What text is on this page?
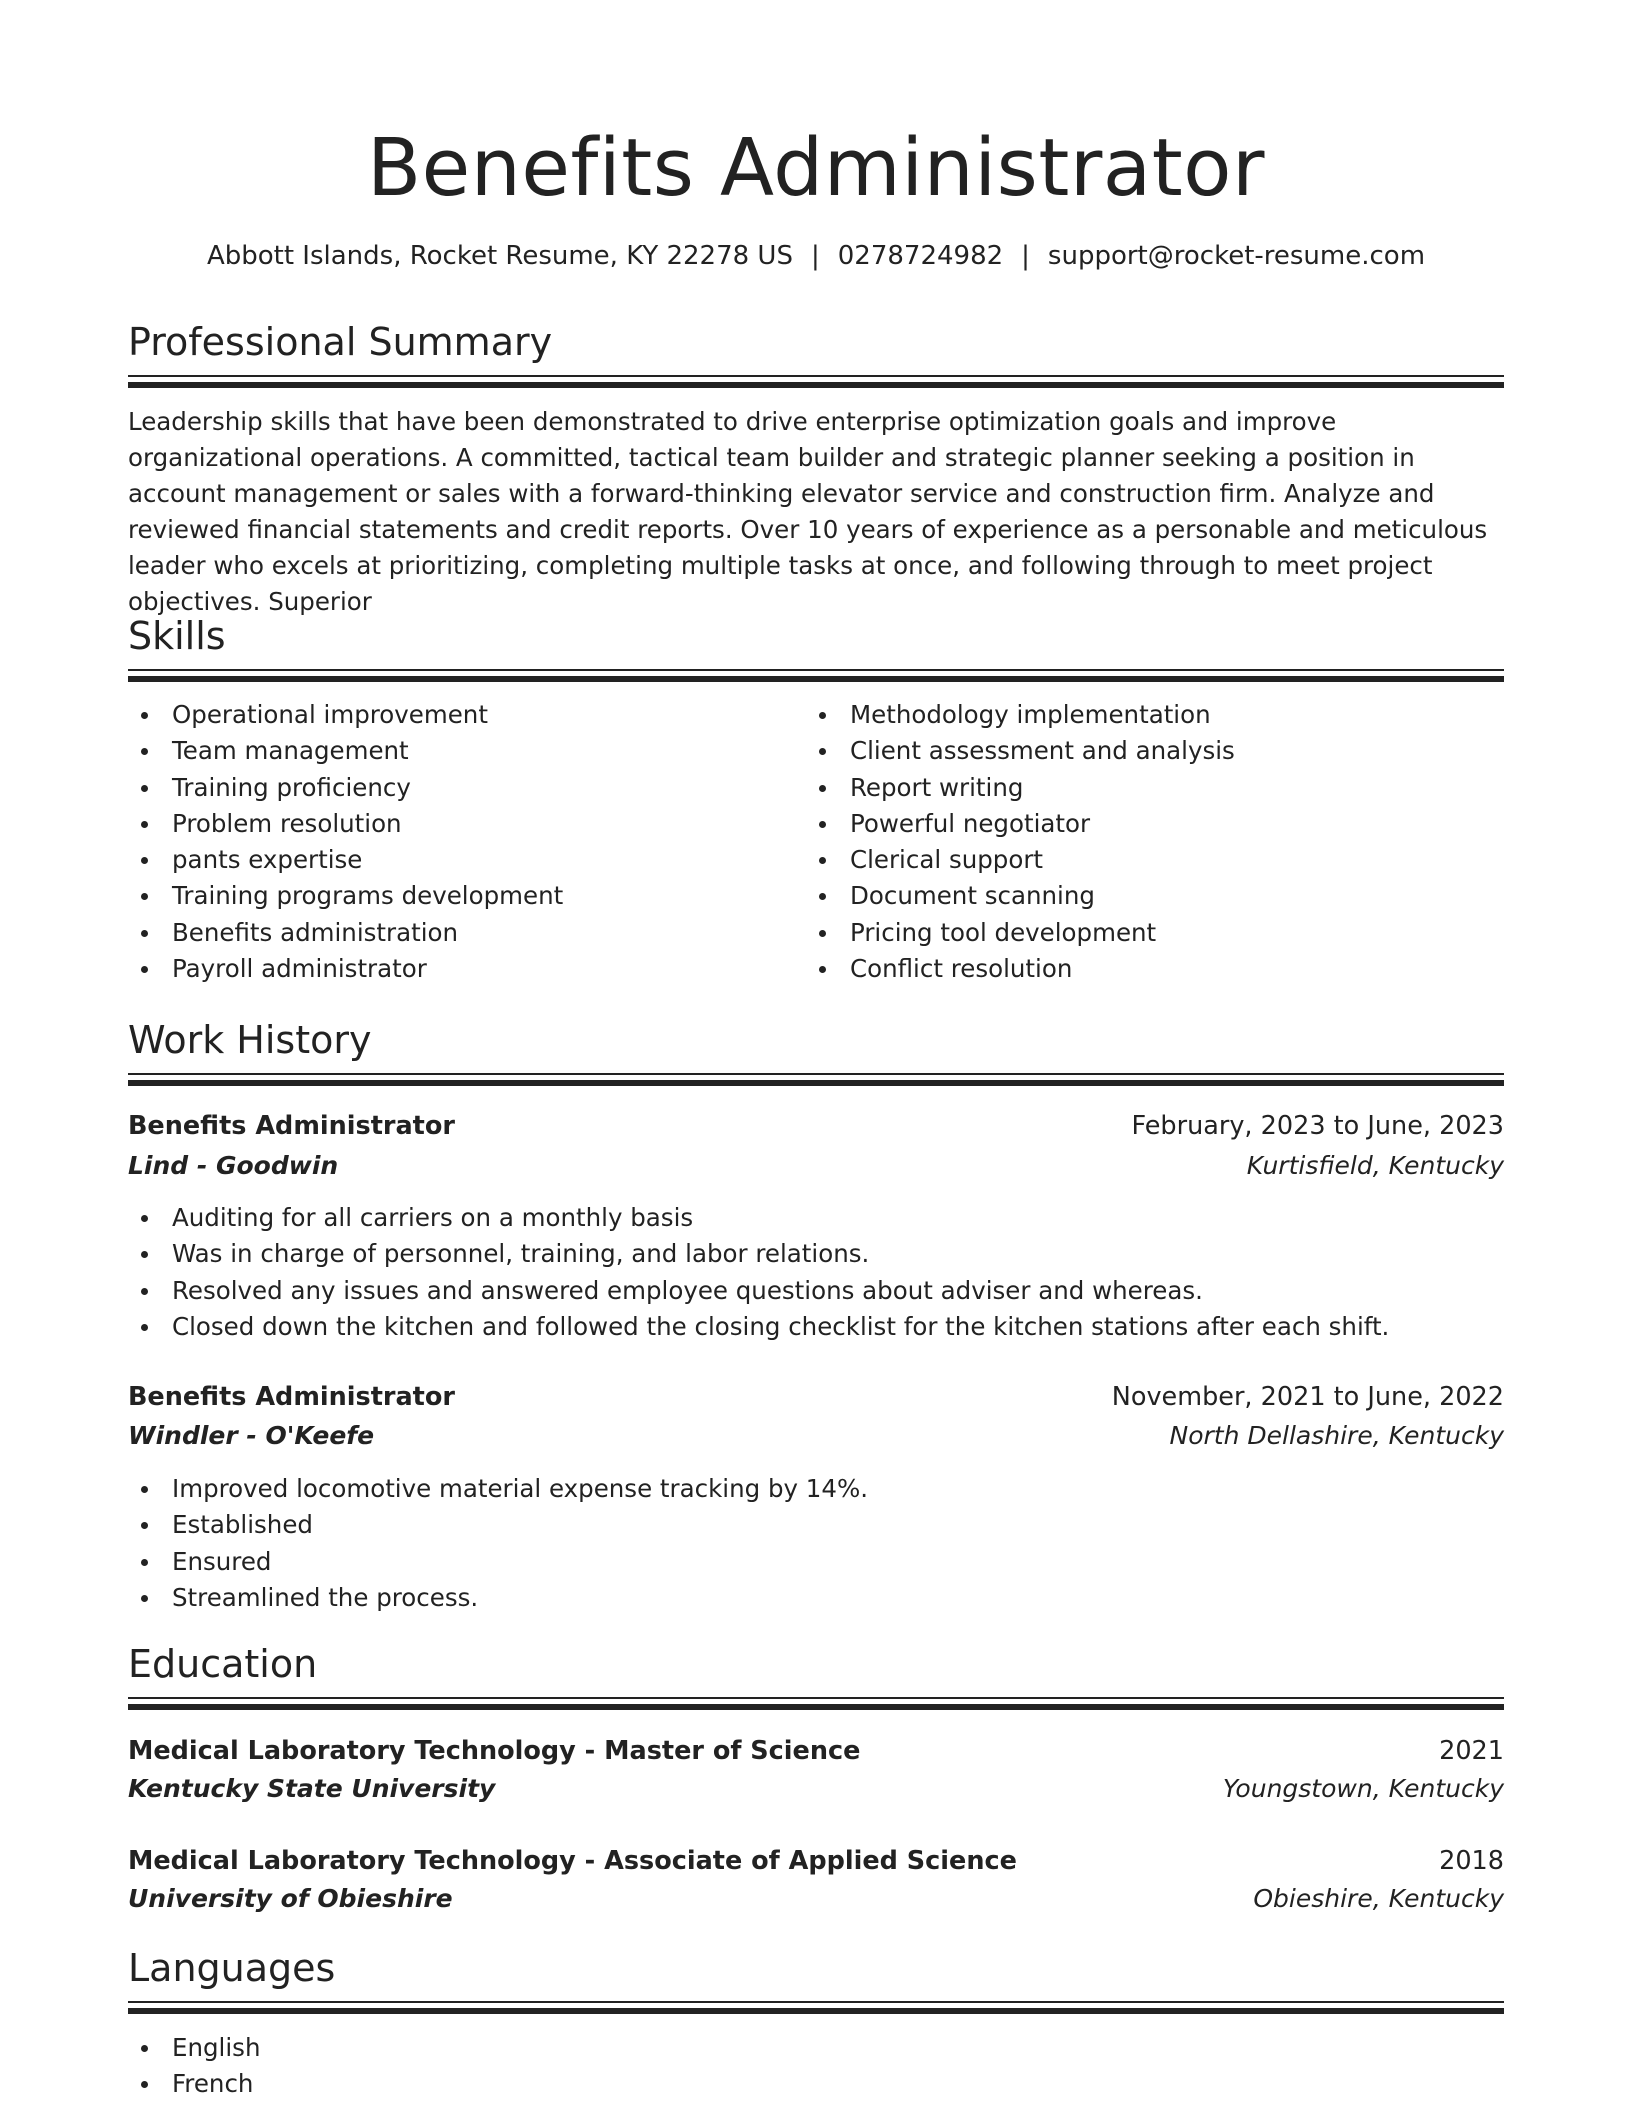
Benefits Administrator
Abbott Islands, Rocket Resume, KY 22278 US | 0278724982 | support@rocket-resume.com
Professional Summary

Leadership skills that have been demonstrated to drive enterprise optimization goals and improve organizational operations. A committed, tactical team builder and strategic planner seeking a position in account management or sales with a forward-thinking elevator service and construction firm. Analyze and reviewed financial statements and credit reports. Over 10 years of experience as a personable and meticulous leader who excels at prioritizing, completing multiple tasks at once, and following through to meet project objectives. Superior

Skills
Operational improvement
Team management
Training proficiency
Problem resolution
pants expertise
Training programs development
Benefits administration
Payroll administrator
Methodology implementation
Client assessment and analysis
Report writing
Powerful negotiator
Clerical support
Document scanning
Pricing tool development
Conflict resolution
Work History
Benefits Administrator	February, 2023 to June, 2023
Lind - Goodwin	Kurtisfield, Kentucky
Auditing for all carriers on a monthly basis
Was in charge of personnel, training, and labor relations.
Resolved any issues and answered employee questions about adviser and whereas.
Closed down the kitchen and followed the closing checklist for the kitchen stations after each shift.
Benefits Administrator	November, 2021 to June, 2022
Windler - O'Keefe	North Dellashire, Kentucky
Improved locomotive material expense tracking by 14%.
Established
Ensured
Streamlined the process.
Education
Medical Laboratory Technology - Master of Science	2021
Kentucky State University	Youngstown, Kentucky
Medical Laboratory Technology - Associate of Applied Science	2018
University of Obieshire	Obieshire, Kentucky
Languages
English
French
